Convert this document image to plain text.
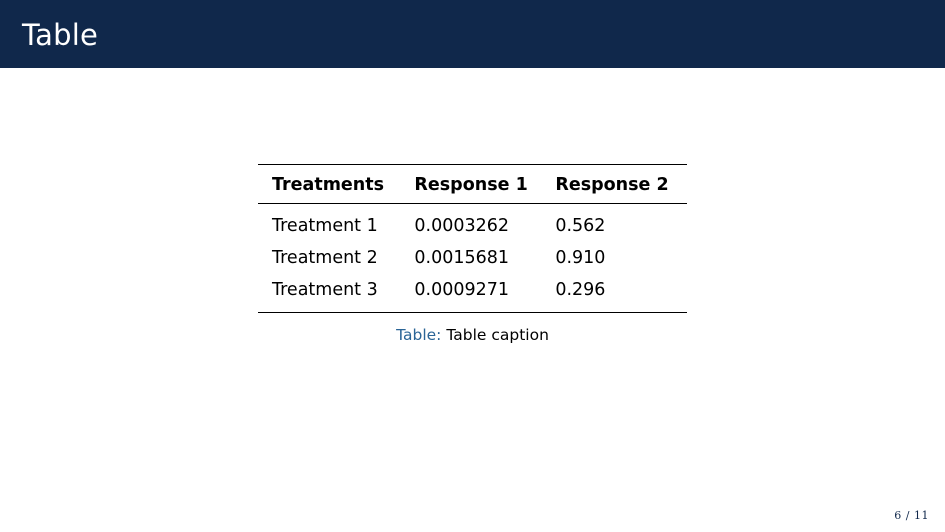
Table
Treatments	Response 1	Response 2
Treatment 1	0.0003262	0.562
Treatment 2	0.0015681	0.910
Treatment 3	0.0009271	0.296
Table: Table caption
6 / 11
